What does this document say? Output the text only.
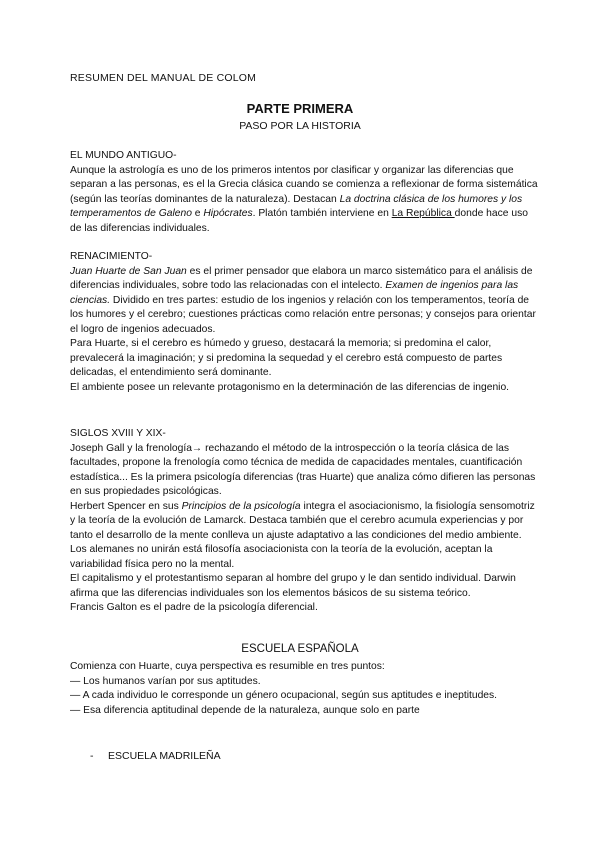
RESUMEN DEL MANUAL DE COLOM
PARTE PRIMERA
PASO POR LA HISTORIA
EL MUNDO ANTIGUO-

Aunque la astrología es uno de los primeros intentos por clasificar y organizar las diferencias que separan a las personas, es el la Grecia clásica cuando se comienza a reflexionar de forma sistemática (según las teorías dominantes de la naturaleza). Destacan La doctrina clásica de los humores y los temperamentos de Galeno e Hipócrates. Platón también interviene en La República donde hace uso de las diferencias individuales.

RENACIMIENTO-

Juan Huarte de San Juan es el primer pensador que elabora un marco sistemático para el análisis de diferencias individuales, sobre todo las relacionadas con el intelecto. Examen de ingenios para las ciencias. Dividido en tres partes: estudio de los ingenios y relación con los temperamentos, teoría de los humores y el cerebro; cuestiones prácticas como relación entre personas; y consejos para orientar el logro de ingenios adecuados.

Para Huarte, si el cerebro es húmedo y grueso, destacará la memoria; si predomina el calor, prevalecerá la imaginación; y si predomina la sequedad y el cerebro está compuesto de partes delicadas, el entendimiento será dominante.

El ambiente posee un relevante protagonismo en la determinación de las diferencias de ingenio.

SIGLOS XVIII Y XIX-

Joseph Gall y la frenología→ rechazando el método de la introspección o la teoría clásica de las facultades, propone la frenología como técnica de medida de capacidades mentales, cuantificación estadística... Es la primera psicología diferencias (tras Huarte) que analiza cómo difieren las personas en sus propiedades psicológicas.

Herbert Spencer en sus Principios de la psicología integra el asociacionismo, la fisiología sensomotriz y la teoría de la evolución de Lamarck. Destaca también que el cerebro acumula experiencias y por tanto el desarrollo de la mente conlleva un ajuste adaptativo a las condiciones del medio ambiente. Los alemanes no unirán está filosofía asociacionista con la teoría de la evolución, aceptan la variabilidad física pero no la mental.

El capitalismo y el protestantismo separan al hombre del grupo y le dan sentido individual. Darwin afirma que las diferencias individuales son los elementos básicos de su sistema teórico.

Francis Galton es el padre de la psicología diferencial.

ESCUELA ESPAÑOLA

Comienza con Huarte, cuya perspectiva es resumible en tres puntos:

— Los humanos varían por sus aptitudes.

— A cada individuo le corresponde un género ocupacional, según sus aptitudes e ineptitudes.

— Esa diferencia aptitudinal depende de la naturaleza, aunque solo en parte

- ESCUELA MADRILEÑA
